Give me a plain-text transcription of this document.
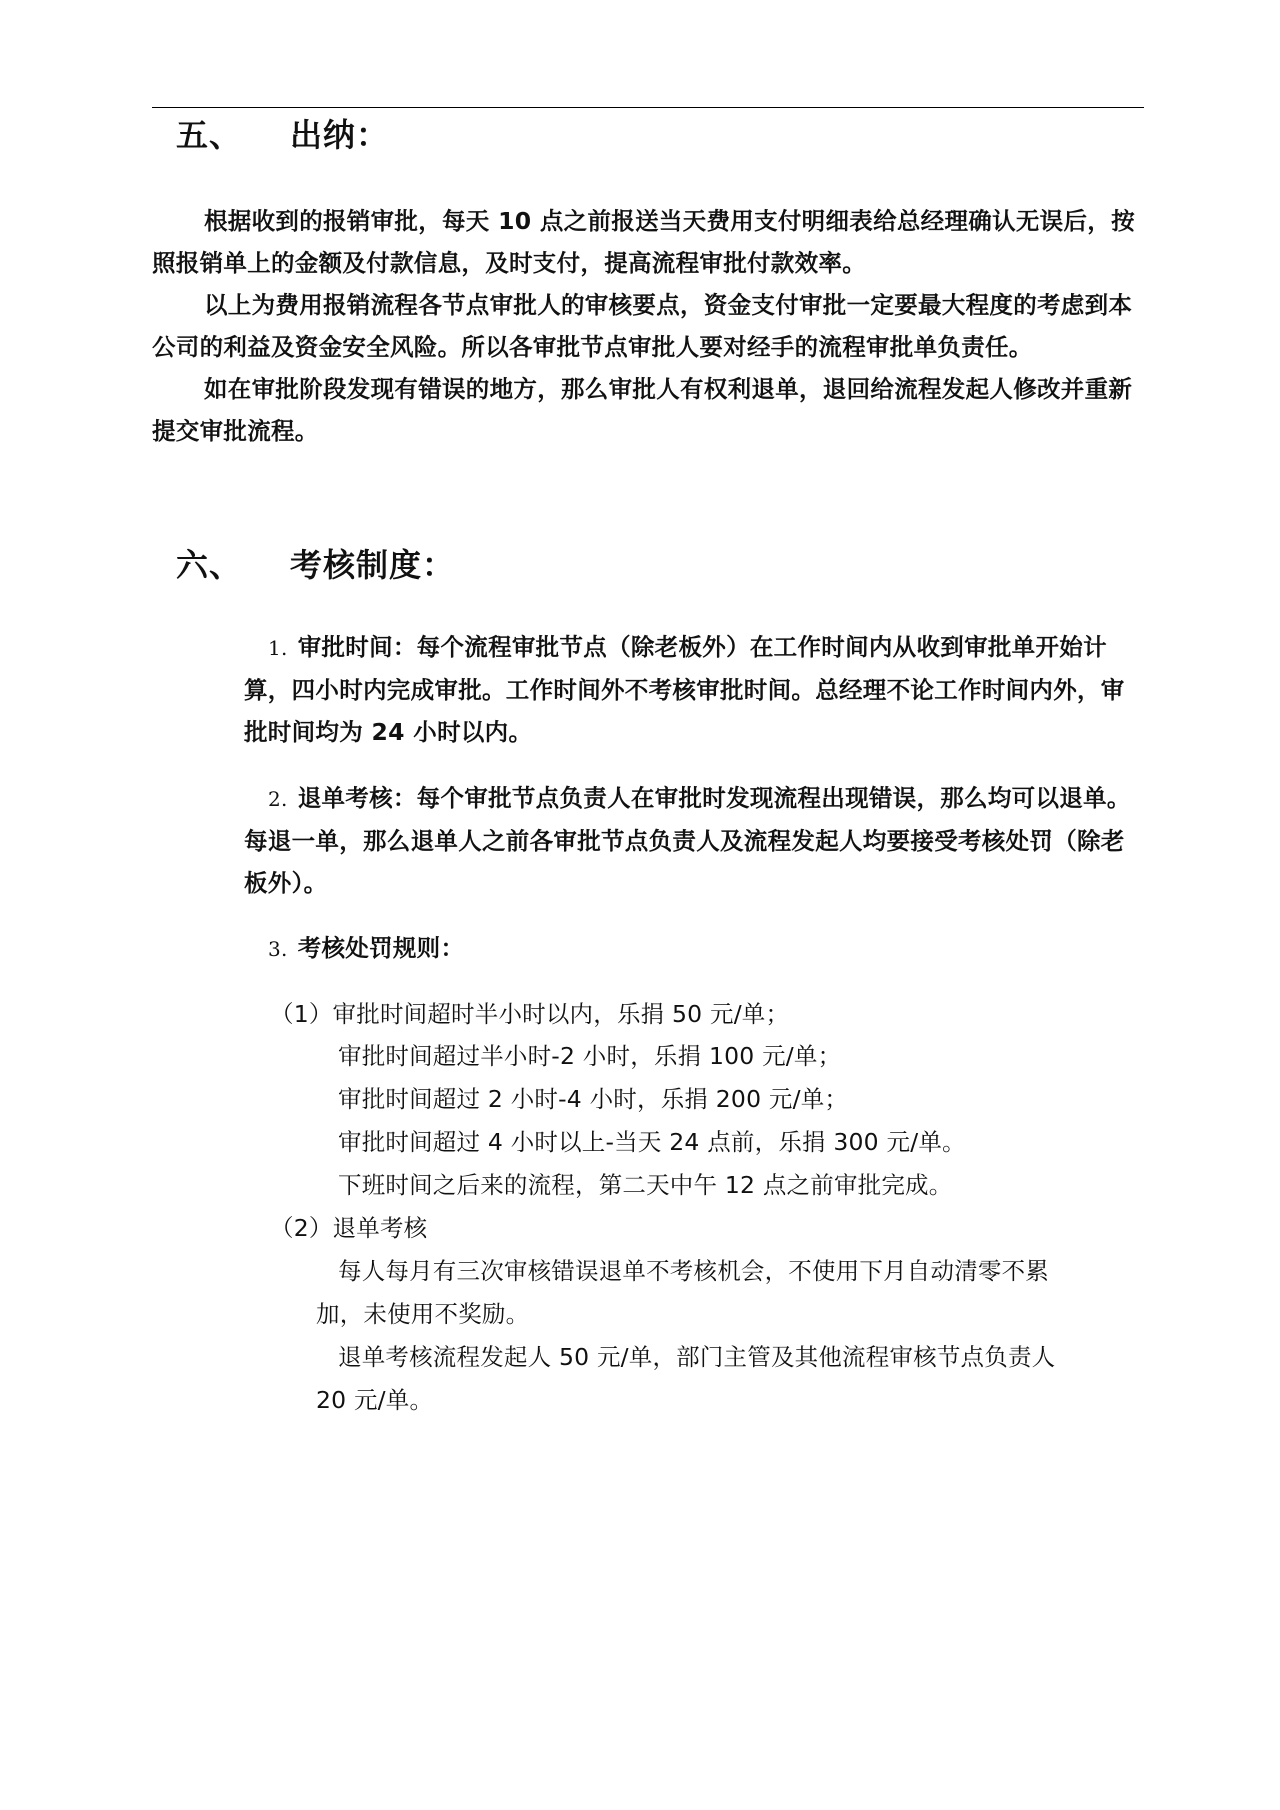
五、 出纳：

根据收到的报销审批，每天 10 点之前报送当天费用支付明细表给总经理确认无误后，按照报销单上的金额及付款信息，及时支付，提高流程审批付款效率。

以上为费用报销流程各节点审批人的审核要点，资金支付审批一定要最大程度的考虑到本公司的利益及资金安全风险。所以各审批节点审批人要对经手的流程审批单负责任。

如在审批阶段发现有错误的地方，那么审批人有权利退单，退回给流程发起人修改并重新提交审批流程。

六、 考核制度：
1. 审批时间：每个流程审批节点（除老板外）在工作时间内从收到审批单开始计算，四小时内完成审批。工作时间外不考核审批时间。总经理不论工作时间内外，审批时间均为 24 小时以内。
2. 退单考核：每个审批节点负责人在审批时发现流程出现错误，那么均可以退单。每退一单，那么退单人之前各审批节点负责人及流程发起人均要接受考核处罚（除老板外）。
3. 考核处罚规则：
（1）审批时间超时半小时以内，乐捐 50 元/单；
审批时间超过半小时-2 小时，乐捐 100 元/单；
审批时间超过 2 小时-4 小时，乐捐 200 元/单；
审批时间超过 4 小时以上-当天 24 点前，乐捐 300 元/单。
下班时间之后来的流程，第二天中午 12 点之前审批完成。
（2）退单考核
每人每月有三次审核错误退单不考核机会，不使用下月自动清零不累
加，未使用不奖励。
退单考核流程发起人 50 元/单，部门主管及其他流程审核节点负责人
20 元/单。
